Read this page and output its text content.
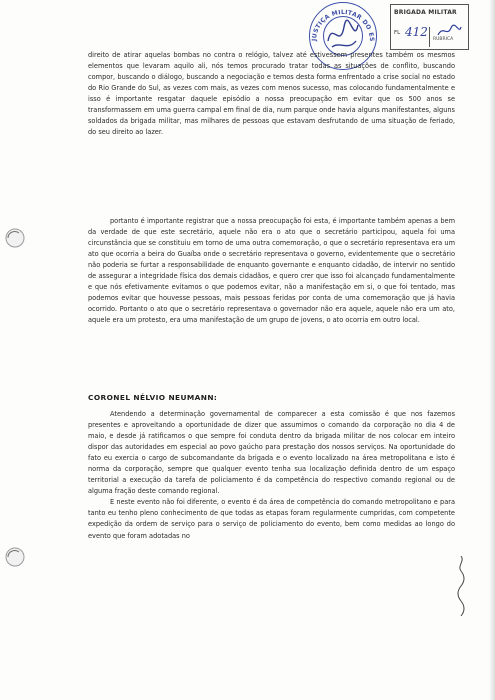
JUSTIÇA MILITAR DO ES
BRIGADA MILITAR
FL 412
RUBRICA
direito de atirar aquelas bombas no contra o relógio, talvez até estivessem presentes também os mesmos elementos que levaram aquilo ali, nós temos procurado tratar todas as situações de conflito, buscando compor, buscando o diálogo, buscando a negociação e temos desta forma enfrentado a crise social no estado do Rio Grande do Sul, as vezes com mais, as vezes com menos sucesso, mas colocando fundamentalmente e isso é importante resgatar daquele episódio a nossa preocupação em evitar que os 500 anos se transformassem em uma guerra campal em final de dia, num parque onde havia alguns manifestantes, alguns soldados da brigada militar, mas milhares de pessoas que estavam desfrutando de uma situação de feriado, do seu direito ao lazer.
portanto é importante registrar que a nossa preocupação foi esta, é importante também apenas a bem da verdade de que este secretário, aquele não era o ato que o secretário participou, aquela foi uma circunstância que se constituiu em torno de uma outra comemoração, o que o secretário representava era um ato que ocorria a beira do Guaíba onde o secretário representava o governo, evidentemente que o secretário não poderia se furtar a responsabilidade de enquanto governante e enquanto cidadão, de intervir no sentido de assegurar a integridade física dos demais cidadãos, e quero crer que isso foi alcançado fundamentalmente e que nós efetivamente evitamos o que podemos evitar, não a manifestação em si, o que foi tentado, mas podemos evitar que houvesse pessoas, mais pessoas feridas por conta de uma comemoração que já havia ocorrido. Portanto o ato que o secretário representava o governador não era aquele, aquele não era um ato, aquele era um protesto, era uma manifestação de um grupo de jovens, o ato ocorria em outro local.
CORONEL NÉLVIO NEUMANN:
Atendendo a determinação governamental de comparecer a esta comissão é que nos fazemos presentes e aproveitando a oportunidade de dizer que assumimos o comando da corporação no dia 4 de maio, e desde já ratificamos o que sempre foi conduta dentro da brigada militar de nos colocar em inteiro dispor das autoridades em especial ao povo gaúcho para prestação dos nossos serviços. Na oportunidade do fato eu exercia o cargo de subcomandante da brigada e o evento localizado na área metropolitana e isto é norma da corporação, sempre que qualquer evento tenha sua localização definida dentro de um espaço territorial a execução da tarefa de policiamento é da competência do respectivo comando regional ou de alguma fração deste comando regional.
E neste evento não foi diferente, o evento é da área de competência do comando metropolitano e para tanto eu tenho pleno conhecimento de que todas as etapas foram regularmente cumpridas, com competente expedição da ordem de serviço para o serviço de policiamento do evento, bem como medidas ao longo do evento que foram adotadas no
